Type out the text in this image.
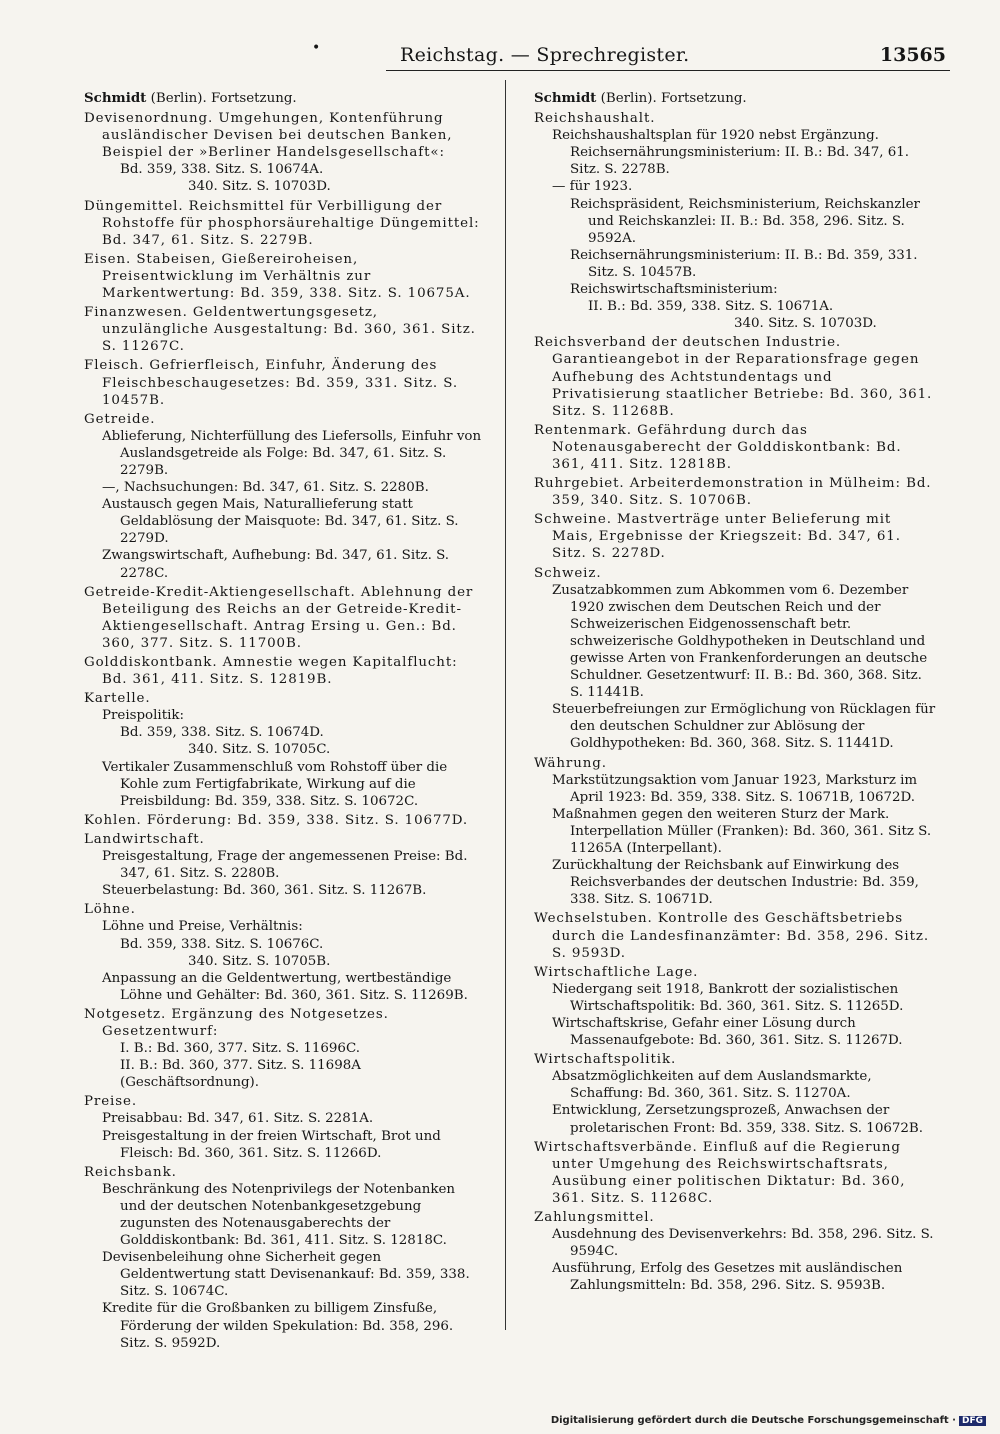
•	Reichstag. — Sprechregister.	13565
Schmidt (Berlin). Fortsetzung.
Devisenordnung. Umgehungen, Kontenführung ausländischer Devisen bei deutschen Banken, Beispiel der »Berliner Handelsgesellschaft«:
Bd. 359, 338. Sitz. S. 10674A.
340. Sitz. S. 10703D.
Düngemittel. Reichsmittel für Verbilligung der Rohstoffe für phosphorsäurehaltige Düngemittel: Bd. 347, 61. Sitz. S. 2279B.
Eisen. Stabeisen, Gießereiroheisen, Preisentwicklung im Verhältnis zur Markentwertung: Bd. 359, 338. Sitz. S. 10675A.
Finanzwesen. Geldentwertungsgesetz, unzulängliche Ausgestaltung: Bd. 360, 361. Sitz. S. 11267C.
Fleisch. Gefrierfleisch, Einfuhr, Änderung des Fleischbeschaugesetzes: Bd. 359, 331. Sitz. S. 10457B.
Getreide.
Ablieferung, Nichterfüllung des Liefersolls, Einfuhr von Auslandsgetreide als Folge: Bd. 347, 61. Sitz. S. 2279B.
—, Nachsuchungen: Bd. 347, 61. Sitz. S. 2280B.
Austausch gegen Mais, Naturallieferung statt Geldablösung der Maisquote: Bd. 347, 61. Sitz. S. 2279D.
Zwangswirtschaft, Aufhebung: Bd. 347, 61. Sitz. S. 2278C.
Getreide-Kredit-Aktiengesellschaft. Ablehnung der Beteiligung des Reichs an der Getreide-Kredit-Aktiengesellschaft. Antrag Ersing u. Gen.: Bd. 360, 377. Sitz. S. 11700B.
Golddiskontbank. Amnestie wegen Kapitalflucht: Bd. 361, 411. Sitz. S. 12819B.
Kartelle.
Preispolitik:
Bd. 359, 338. Sitz. S. 10674D.
340. Sitz. S. 10705C.
Vertikaler Zusammenschluß vom Rohstoff über die Kohle zum Fertigfabrikate, Wirkung auf die Preisbildung: Bd. 359, 338. Sitz. S. 10672C.
Kohlen. Förderung: Bd. 359, 338. Sitz. S. 10677D.
Landwirtschaft.
Preisgestaltung, Frage der angemessenen Preise: Bd. 347, 61. Sitz. S. 2280B.
Steuerbelastung: Bd. 360, 361. Sitz. S. 11267B.
Löhne.
Löhne und Preise, Verhältnis:
Bd. 359, 338. Sitz. S. 10676C.
340. Sitz. S. 10705B.
Anpassung an die Geldentwertung, wertbeständige Löhne und Gehälter: Bd. 360, 361. Sitz. S. 11269B.
Notgesetz. Ergänzung des Notgesetzes. Gesetzentwurf:
I. B.: Bd. 360, 377. Sitz. S. 11696C.
II. B.: Bd. 360, 377. Sitz. S. 11698A (Geschäftsordnung).
Preise.
Preisabbau: Bd. 347, 61. Sitz. S. 2281A.
Preisgestaltung in der freien Wirtschaft, Brot und Fleisch: Bd. 360, 361. Sitz. S. 11266D.
Reichsbank.
Beschränkung des Notenprivilegs der Notenbanken und der deutschen Notenbankgesetzgebung zugunsten des Notenausgaberechts der Golddiskontbank: Bd. 361, 411. Sitz. S. 12818C.
Devisenbeleihung ohne Sicherheit gegen Geldentwertung statt Devisenankauf: Bd. 359, 338. Sitz. S. 10674C.
Kredite für die Großbanken zu billigem Zinsfuße, Förderung der wilden Spekulation: Bd. 358, 296. Sitz. S. 9592D.
Schmidt (Berlin). Fortsetzung.
Reichshaushalt.
Reichshaushaltsplan für 1920 nebst Ergänzung. Reichsernährungsministerium: II. B.: Bd. 347, 61. Sitz. S. 2278B.
— für 1923.
Reichspräsident, Reichsministerium, Reichskanzler und Reichskanzlei: II. B.: Bd. 358, 296. Sitz. S. 9592A.
Reichsernährungsministerium: II. B.: Bd. 359, 331. Sitz. S. 10457B.
Reichswirtschaftsministerium:
II. B.: Bd. 359, 338. Sitz. S. 10671A.
340. Sitz. S. 10703D.
Reichsverband der deutschen Industrie. Garantieangebot in der Reparationsfrage gegen Aufhebung des Achtstundentags und Privatisierung staatlicher Betriebe: Bd. 360, 361. Sitz. S. 11268B.
Rentenmark. Gefährdung durch das Notenausgaberecht der Golddiskontbank: Bd. 361, 411. Sitz. 12818B.
Ruhrgebiet. Arbeiterdemonstration in Mülheim: Bd. 359, 340. Sitz. S. 10706B.
Schweine. Mastverträge unter Belieferung mit Mais, Ergebnisse der Kriegszeit: Bd. 347, 61. Sitz. S. 2278D.
Schweiz.
Zusatzabkommen zum Abkommen vom 6. Dezember 1920 zwischen dem Deutschen Reich und der Schweizerischen Eidgenossenschaft betr. schweizerische Goldhypotheken in Deutschland und gewisse Arten von Frankenforderungen an deutsche Schuldner. Gesetzentwurf: II. B.: Bd. 360, 368. Sitz. S. 11441B.
Steuerbefreiungen zur Ermöglichung von Rücklagen für den deutschen Schuldner zur Ablösung der Goldhypotheken: Bd. 360, 368. Sitz. S. 11441D.
Währung.
Markstützungsaktion vom Januar 1923, Marksturz im April 1923: Bd. 359, 338. Sitz. S. 10671B, 10672D.
Maßnahmen gegen den weiteren Sturz der Mark. Interpellation Müller (Franken): Bd. 360, 361. Sitz S. 11265A (Interpellant).
Zurückhaltung der Reichsbank auf Einwirkung des Reichsverbandes der deutschen Industrie: Bd. 359, 338. Sitz. S. 10671D.
Wechselstuben. Kontrolle des Geschäftsbetriebs durch die Landesfinanzämter: Bd. 358, 296. Sitz. S. 9593D.
Wirtschaftliche Lage.
Niedergang seit 1918, Bankrott der sozialistischen Wirtschaftspolitik: Bd. 360, 361. Sitz. S. 11265D.
Wirtschaftskrise, Gefahr einer Lösung durch Massenaufgebote: Bd. 360, 361. Sitz. S. 11267D.
Wirtschaftspolitik.
Absatzmöglichkeiten auf dem Auslandsmarkte, Schaffung: Bd. 360, 361. Sitz. S. 11270A.
Entwicklung, Zersetzungsprozeß, Anwachsen der proletarischen Front: Bd. 359, 338. Sitz. S. 10672B.
Wirtschaftsverbände. Einfluß auf die Regierung unter Umgehung des Reichswirtschaftsrats, Ausübung einer politischen Diktatur: Bd. 360, 361. Sitz. S. 11268C.
Zahlungsmittel.
Ausdehnung des Devisenverkehrs: Bd. 358, 296. Sitz. S. 9594C.
Ausführung, Erfolg des Gesetzes mit ausländischen Zahlungsmitteln: Bd. 358, 296. Sitz. S. 9593B.
Digitalisierung gefördert durch die Deutsche Forschungsgemeinschaft · DFG
